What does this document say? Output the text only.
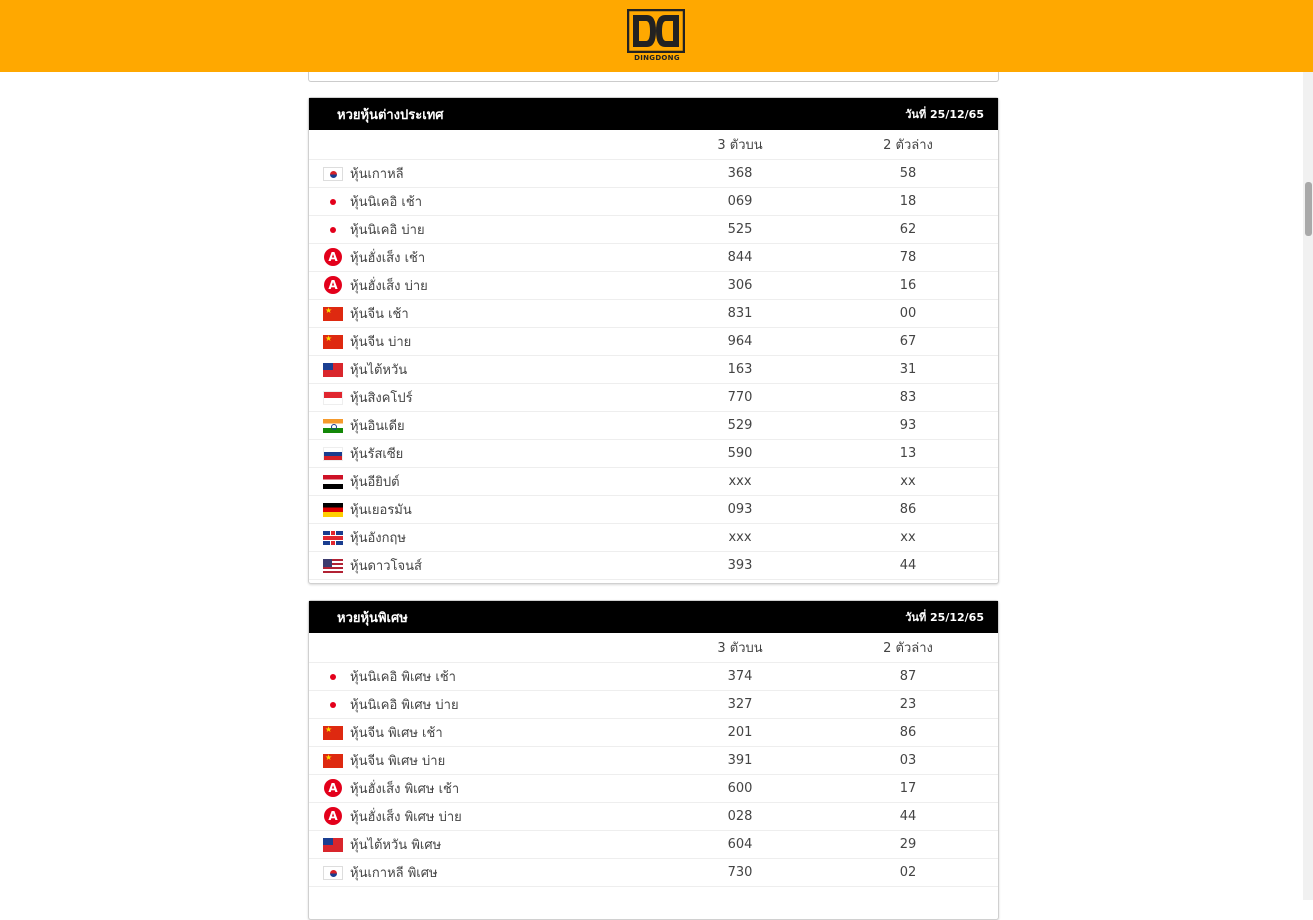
DINGDONG
หวยหุ้นต่างประเทศ	วันที่ 25/12/65
3 ตัวบน	2 ตัวล่าง
หุ้นเกาหลี	368	58
หุ้นนิเคอิ เช้า	069	18
หุ้นนิเคอิ บ่าย	525	62
A
หุ้นฮั่งเส็ง เช้า	844	78
A
หุ้นฮั่งเส็ง บ่าย	306	16
★
หุ้นจีน เช้า	831	00
★
หุ้นจีน บ่าย	964	67
หุ้นไต้หวัน	163	31
หุ้นสิงคโปร์	770	83
หุ้นอินเดีย	529	93
หุ้นรัสเซีย	590	13
หุ้นอียิปต์	xxx	xx
หุ้นเยอรมัน	093	86
หุ้นอังกฤษ	xxx	xx
หุ้นดาวโจนส์	393	44
หวยหุ้นพิเศษ	วันที่ 25/12/65
3 ตัวบน	2 ตัวล่าง
หุ้นนิเคอิ พิเศษ เช้า	374	87
หุ้นนิเคอิ พิเศษ บ่าย	327	23
★
หุ้นจีน พิเศษ เช้า	201	86
★
หุ้นจีน พิเศษ บ่าย	391	03
A
หุ้นฮั่งเส็ง พิเศษ เช้า	600	17
A
หุ้นฮั่งเส็ง พิเศษ บ่าย	028	44
หุ้นไต้หวัน พิเศษ	604	29
หุ้นเกาหลี พิเศษ	730	02
